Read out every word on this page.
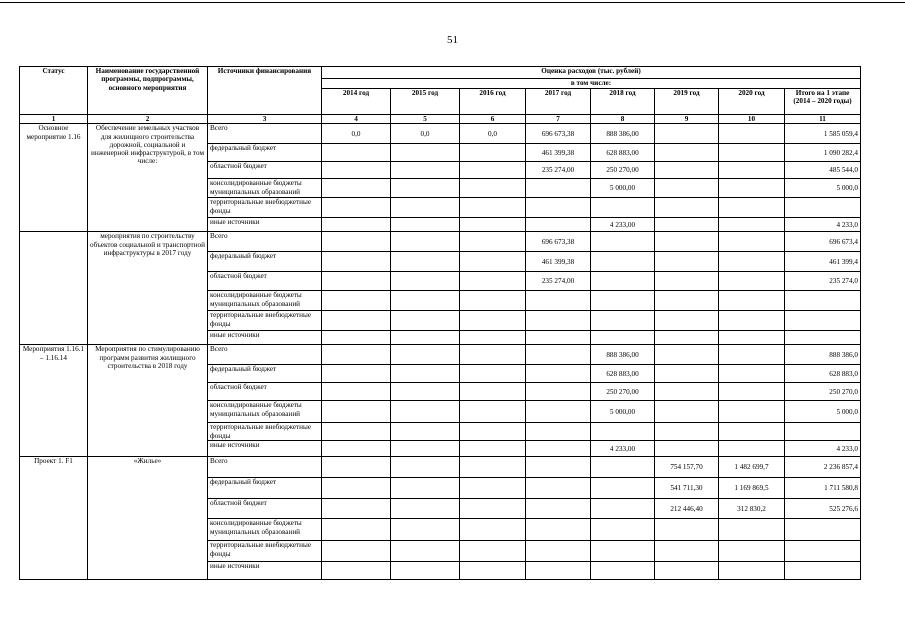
51
Статус	Наименование государственной программы, подпрограммы, основного мероприятия	Источники финансирования	Оценка расходов (тыс. рублей)							
			в том числе:							
			2014 год	2015 год	2016 год	2017 год	2018 год	2019 год	2020 год	Итого на 1 этапе (2014 – 2020 годы)
1	2	3	4	5	6	7	8	9	10	11
Основное мероприятие 1.16	Обеспечение земельных участков для жилищного строительства дорожной, социальной и инженерной инфраструктурой, в том числе:	Всего	0,0	0,0	0,0	696 673,38	888 386,00			1 585 059,4
		федеральный бюджет				461 399,38	628 883,00			1 090 282,4
		областной бюджет				235 274,00	250 270,00			485 544,0
		консолидированные бюджеты муниципальных образований					5 000,00			5 000,0
		территориальные внебюджетные фонды								
		иные источники					4 233,00			4 233,0
	мероприятия по строительству объектов социальной и транспортной инфраструктуры в 2017 году	Всего				696 673,38				696 673,4
		федеральный бюджет				461 399,38				461 399,4
		областной бюджет				235 274,00				235 274,0
		консолидированные бюджеты муниципальных образований								
		территориальные внебюджетные фонды								
		иные источники								
Мероприятия 1.16.1 – 1.16.14	Мероприятия по стимулированию программ развития жилищного строительства в 2018 году	Всего					888 386,00			888 386,0
		федеральный бюджет					628 883,00			628 883,0
		областной бюджет					250 270,00			250 270,0
		консолидированные бюджеты муниципальных образований					5 000,00			5 000,0
		территориальные внебюджетные фонды								
		иные источники					4 233,00			4 233,0
Проект 1. F1	«Жилье»	Всего						754 157,70	1 482 699,7	2 236 857,4
		федеральный бюджет						541 711,30	1 169 869,5	1 711 580,8
		областной бюджет						212 446,40	312 830,2	525 276,6
		консолидированные бюджеты муниципальных образований								
		территориальные внебюджетные фонды								
		иные источники								
